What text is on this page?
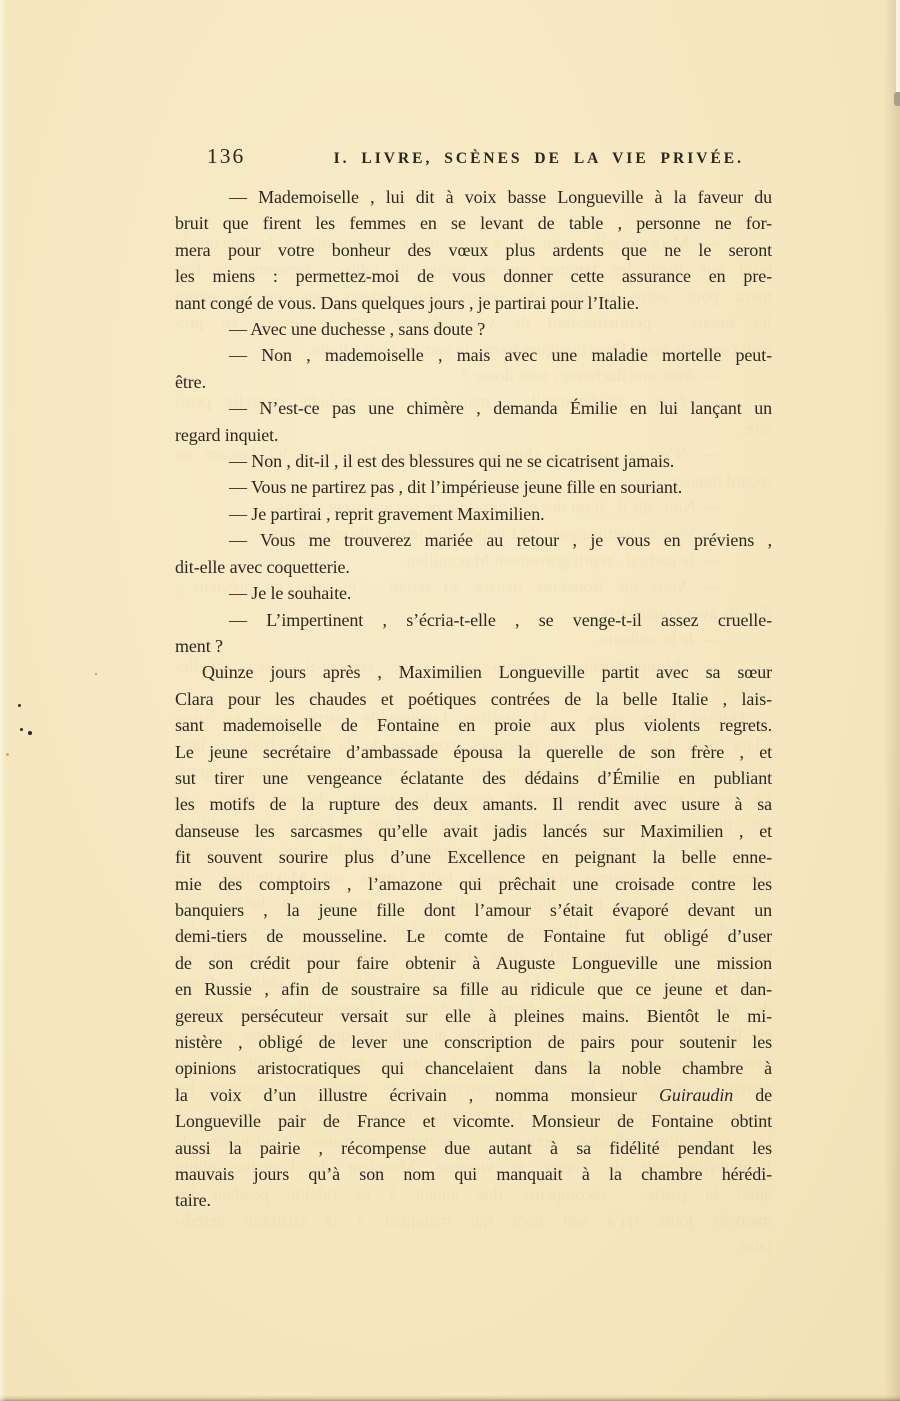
136	I. LIVRE, SCÈNES DE LA VIE PRIVÉE.

— Mademoiselle , lui dit à voix basse Longueville à la faveur du
bruit que firent les femmes en se levant de table , personne ne for-
mera pour votre bonheur des vœux plus ardents que ne le seront
les miens : permettez-moi de vous donner cette assurance en pre-
nant congé de vous. Dans quelques jours , je partirai pour l’Italie.

— Avec une duchesse , sans doute ?

— Non , mademoiselle , mais avec une maladie mortelle peut-
être.

— N’est-ce pas une chimère , demanda Émilie en lui lançant un
regard inquiet.

— Non , dit-il , il est des blessures qui ne se cicatrisent jamais.

— Vous ne partirez pas , dit l’impérieuse jeune fille en souriant.

— Je partirai , reprit gravement Maximilien.

— Vous me trouverez mariée au retour , je vous en préviens ,
dit-elle avec coquetterie.

— Je le souhaite.

— L’impertinent , s’écria-t-elle , se venge-t-il assez cruelle-
ment ?

Quinze jours après , Maximilien Longueville partit avec sa sœur
Clara pour les chaudes et poétiques contrées de la belle Italie , lais-
sant mademoiselle de Fontaine en proie aux plus violents regrets.
Le jeune secrétaire d’ambassade épousa la querelle de son frère , et
sut tirer une vengeance éclatante des dédains d’Émilie en publiant
les motifs de la rupture des deux amants. Il rendit avec usure à sa
danseuse les sarcasmes qu’elle avait jadis lancés sur Maximilien , et
fit souvent sourire plus d’une Excellence en peignant la belle enne-
mie des comptoirs , l’amazone qui prêchait une croisade contre les
banquiers , la jeune fille dont l’amour s’était évaporé devant un
demi-tiers de mousseline. Le comte de Fontaine fut obligé d’user
de son crédit pour faire obtenir à Auguste Longueville une mission
en Russie , afin de soustraire sa fille au ridicule que ce jeune et dan-
gereux persécuteur versait sur elle à pleines mains. Bientôt le mi-
nistère , obligé de lever une conscription de pairs pour soutenir les
opinions aristocratiques qui chancelaient dans la noble chambre à
la voix d’un illustre écrivain , nomma monsieur Guiraudin de
Longueville pair de France et vicomte. Monsieur de Fontaine obtint
aussi la pairie , récompense due autant à sa fidélité pendant les
mauvais jours qu’à son nom qui manquait à la chambre hérédi-
taire.
